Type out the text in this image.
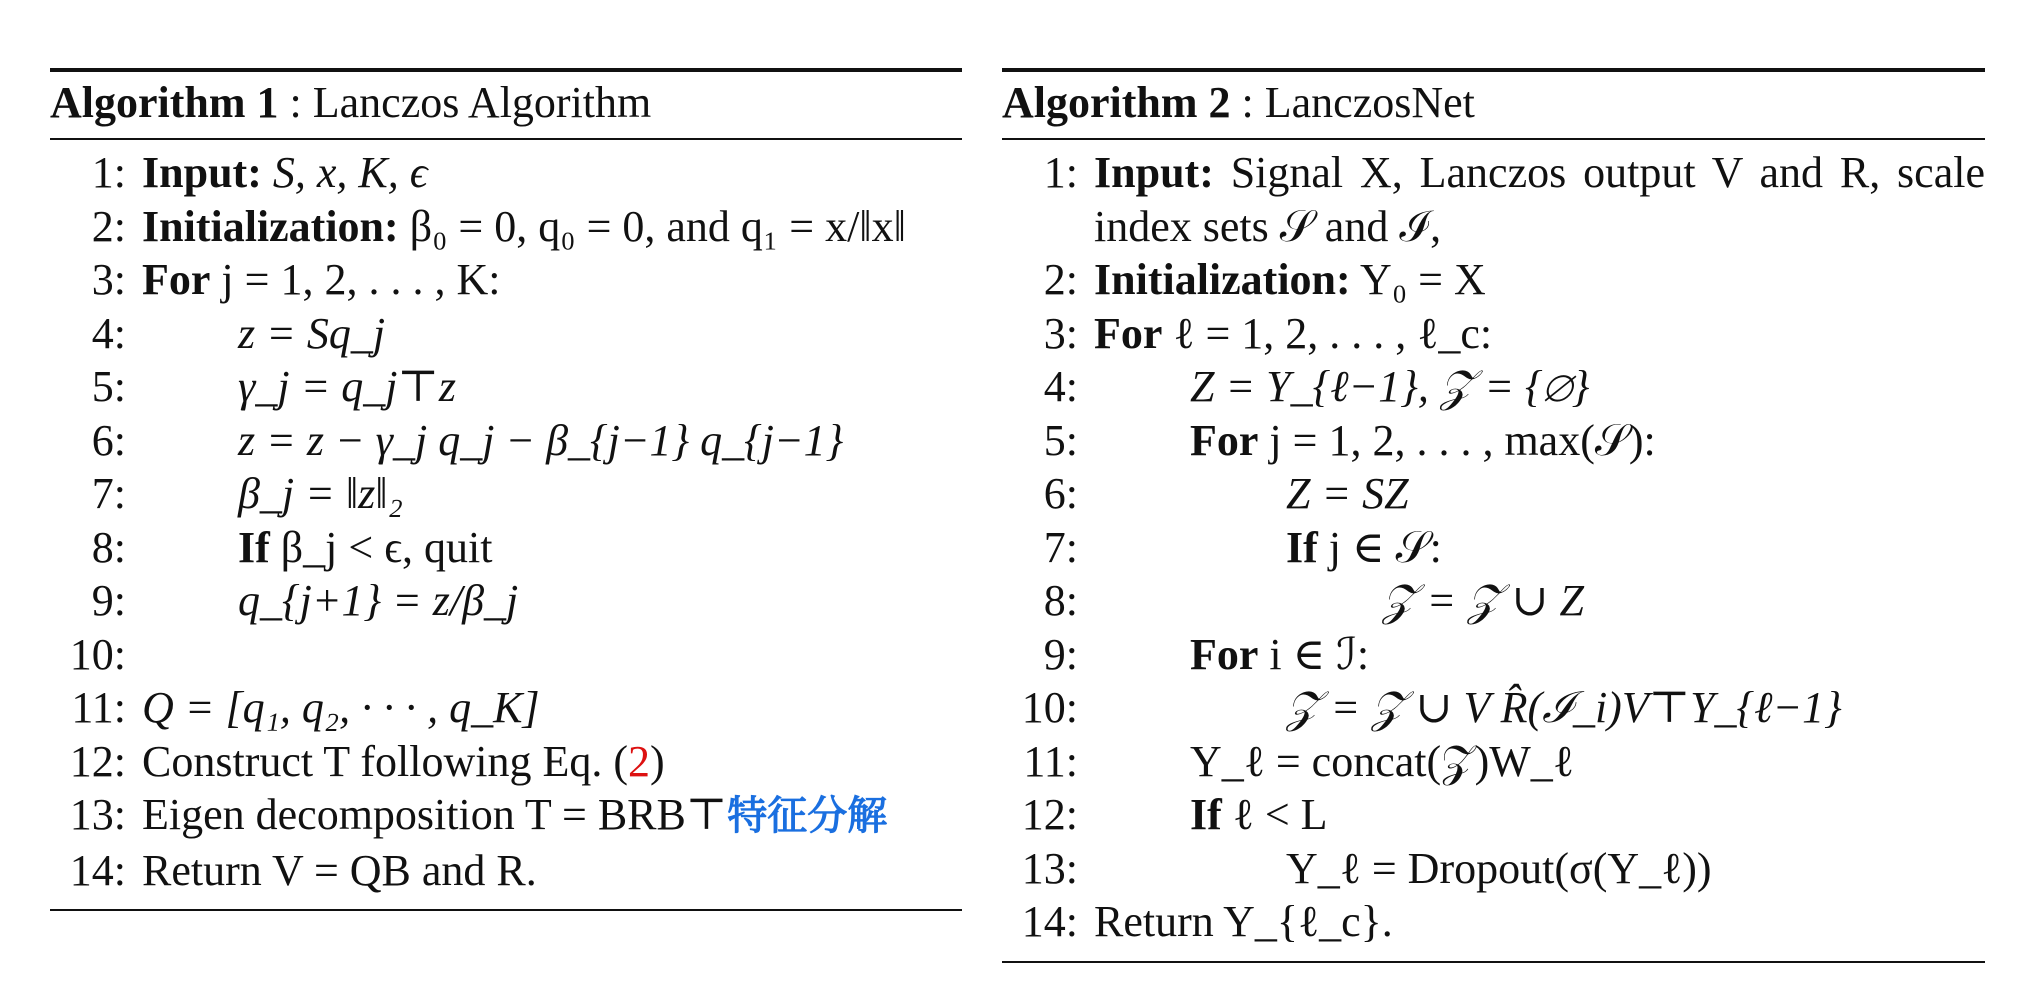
Algorithm 1 : Lanczos Algorithm
1: Input: S, x, K, ϵ
2: Initialization: β₀ = 0, q₀ = 0, and q₁ = x/‖x‖
3: For j = 1, 2, . . . , K:
4:	z = Sq_j
5:	γ_j = q_j⊤z
6:	z = z − γ_j q_j − β_{j−1} q_{j−1}
7:	β_j = ‖z‖₂
8:	If β_j < ϵ, quit
9:	q_{j+1} = z/β_j
10:
11: Q = [q₁, q₂, · · · , q_K]
12: Construct T following Eq. (2)
13: Eigen decomposition T = BRB⊤特征分解
14: Return V = QB and R.
Algorithm 2 : LanczosNet
1: Input: Signal X, Lanczos output V and R, scale index sets 𝒮 and ℐ,
2: Initialization: Y₀ = X
3: For ℓ = 1, 2, . . . , ℓ_c:
4:	Z = Y_{ℓ−1}, 𝒵 = {∅}
5:	For j = 1, 2, . . . , max(𝒮):
6:	Z = SZ
7:	If j ∈ 𝒮:
8:	𝒵 = 𝒵 ∪ Z
9:	For i ∈ ℐ:
10:	𝒵 = 𝒵 ∪ V R̂(ℐ_i)V⊤Y_{ℓ−1}
11:	Y_ℓ = concat(𝒵)W_ℓ
12:	If ℓ < L
13:	Y_ℓ = Dropout(σ(Y_ℓ))
14: Return Y_{ℓ_c}.
